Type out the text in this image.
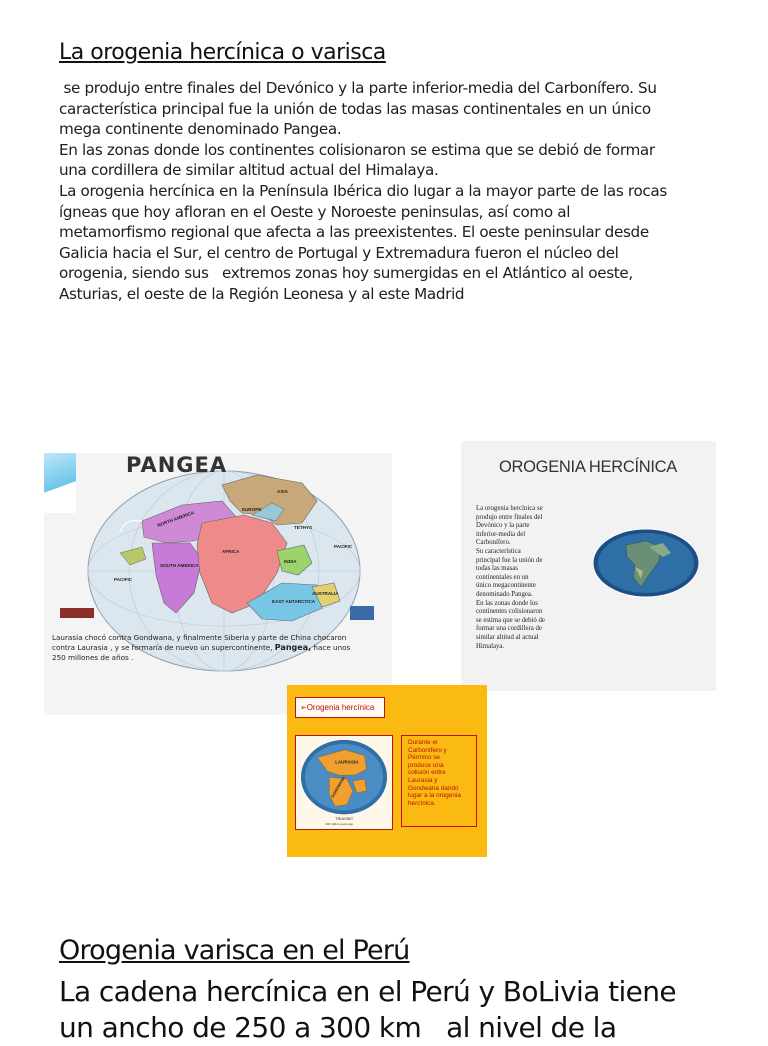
La orogenia hercínica o varisca

se produjo entre finales del Devónico y la parte inferior-media del Carbonífero. Su

característica principal fue la unión de todas las masas continentales en un único

mega continente denominado Pangea.

En las zonas donde los continentes colisionaron se estima que se debió de formar

una cordillera de similar altitud actual del Himalaya.

La orogenia hercínica en la Península Ibérica dio lugar a la mayor parte de las rocas

ígneas que hoy afloran en el Oeste y Noroeste peninsulas, así como al

metamorfismo regional que afecta a las preexistentes. El oeste peninsular desde

Galicia hacia el Sur, el centro de Portugal y Extremadura fueron el núcleo del

orogenia, siendo sus   extremos zonas hoy sumergidas en el Atlántico al oeste,

Asturias, el oeste de la Región Leonesa y al este Madrid

NORTH AMERICA
SOUTH AMERICA
AFRICA
INDIA
EAST ANTARCTICA
PACIFIC
PACIFIC
TETHYS
ASIA
EUROPE
AUSTRALIA
PANGEA
Laurasia chocó contra Gondwana, y finalmente Siberia y parte de China chocaron
contra Laurasia , y se formaría de nuevo un supercontinente, Pangea, hace unos
250 millones de años .
OROGENIA HERCÍNICA
La orogenia hercínica se
produjo entre finales del
Devónico y la parte
inferior-media del
Carbonífero.
Su característica
principal fue la unión de
todas las masas
continentales en un
único megacontinente
denominado Pangea.
En las zonas donde los
continentes colisionaron
se estima que se debió de
formar una cordillera de
similar altitud al actual
Himalaya.
➢Orogenia hercínica
LAURASIA
GONDWANA
TRIASSIC
200 million years ago
Durante el
Carbonífero y
Pérmico se
produce una
colisión entre
Laurasia y
Gondwana dando
lugar a la orogenia
hercínica.
Orogenia varisca en el Perú
La cadena hercínica en el Perú y BoLivia tiene
un ancho de 250 a 300 km   al nivel de la
